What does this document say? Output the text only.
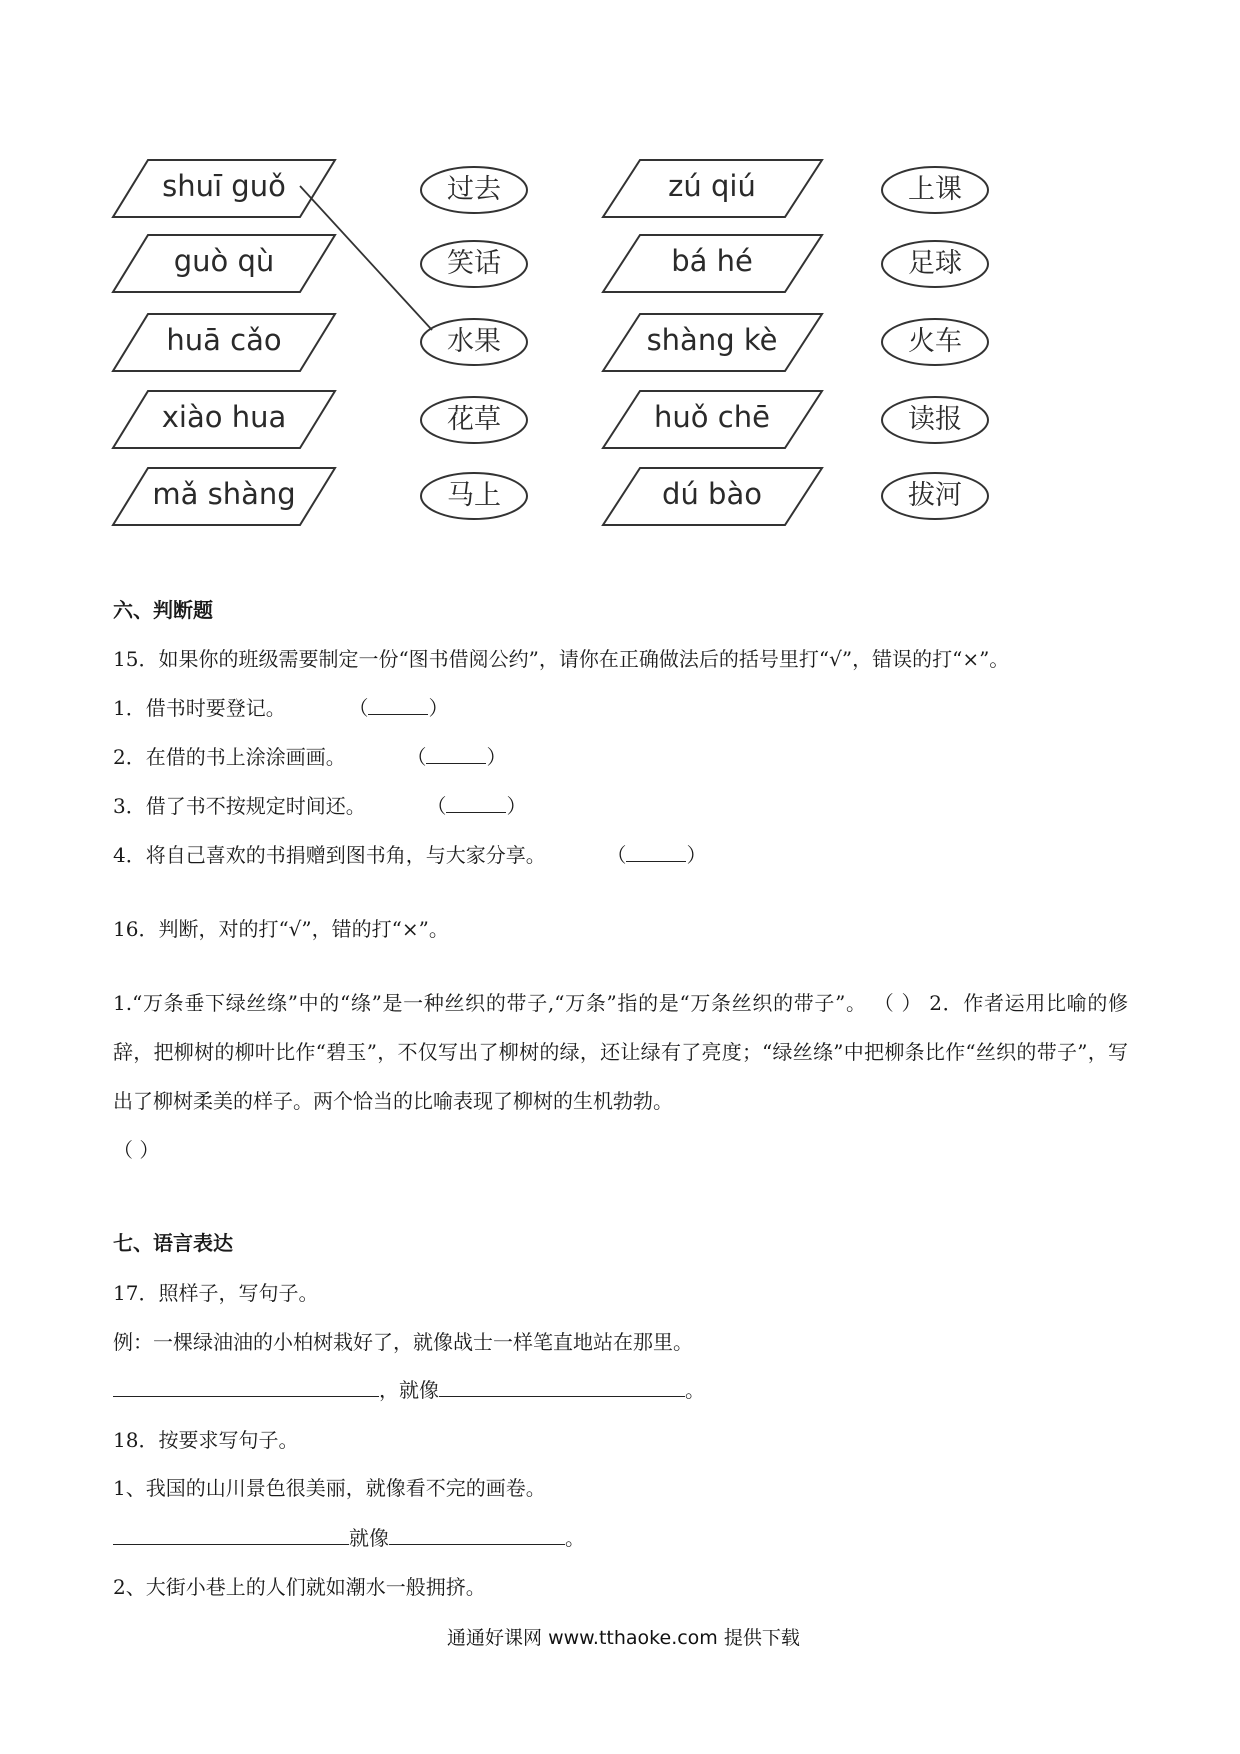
shuī guǒ
guò qù
huā cǎo
xiào hua
mǎ shàng
过去
笑话
水果
花草
马上
zú qiú
bá hé
shàng kè
huǒ chē
dú bào
上课
足球
火车
读报
拔河
六、判断题
15．如果你的班级需要制定一份“图书借阅公约”，请你在正确做法后的括号里打“√”，错误的打“×”。
1．借书时要登记。	（	）
2．在借的书上涂涂画画。	（	）
3．借了书不按规定时间还。	（	）
4．将自己喜欢的书捐赠到图书角，与大家分享。	（	）
16．判断，对的打“√”，错的打“×”。
1.“万条垂下绿丝绦”中的“绦”是一种丝织的带子,“万条”指的是“万条丝织的带子”。 （ ） 2．作者运用比喻的修辞，把柳树的柳叶比作“碧玉”，不仅写出了柳树的绿，还让绿有了亮度；“绿丝绦”中把柳条比作“丝织的带子”，写出了柳树柔美的样子。两个恰当的比喻表现了柳树的生机勃勃。
（ ）
七、语言表达
17．照样子，写句子。
例：一棵绿油油的小柏树栽好了，就像战士一样笔直地站在那里。
，就像	。
18．按要求写句子。
1、我国的山川景色很美丽，就像看不完的画卷。
就像	。
2、大街小巷上的人们就如潮水一般拥挤。
通通好课网 www.tthaoke.com 提供下载
